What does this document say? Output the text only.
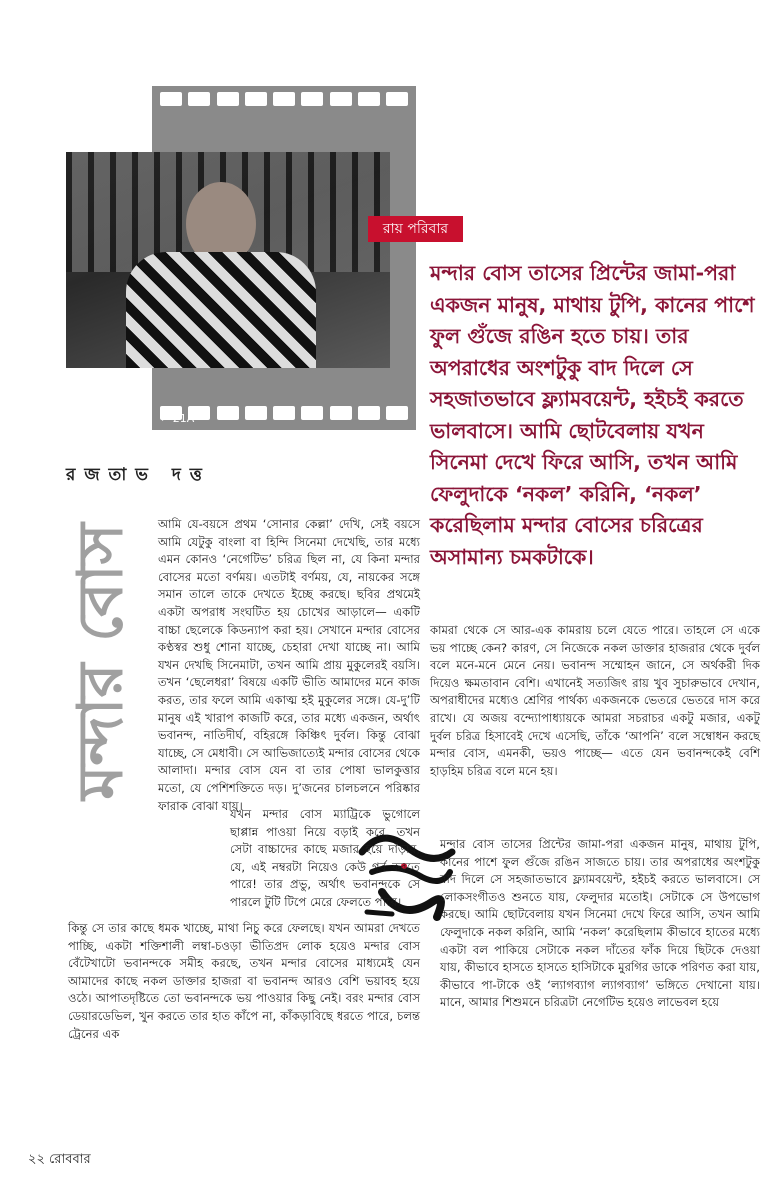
← 21A
রায় পরিবার
মন্দার বোস তাসের প্রিন্টের জামা-পরা একজন মানুষ, মাথায় টুপি, কানের পাশে ফুল গুঁজে রঙিন হতে চায়। তার অপরাধের অংশটুকু বাদ দিলে সে সহজাতভাবে ফ্ল্যামবয়েন্ট, হইচই করতে ভালবাসে। আমি ছোটবেলায় যখন সিনেমা দেখে ফিরে আসি, তখন আমি ফেলুদাকে ‘নকল’ করিনি, ‘নকল’ করেছিলাম মন্দার বোসের চরিত্রের অসামান্য চমকটাকে।
রজতাভ দত্ত
মন্দার বোস	আমি যে-বয়সে প্রথম ‘সোনার কেল্লা’ দেখি, সেই বয়সে আমি যেটুকু বাংলা বা হিন্দি সিনেমা দেখেছি, তার মধ্যে এমন কোনও ‘নেগেটিভ’ চরিত্র ছিল না, যে কিনা মন্দার বোসের মতো বর্ণময়। এতটাই বর্ণময়, যে, নায়কের সঙ্গে সমান তালে তাকে দেখতে ইচ্ছে করছে। ছবির প্রথমেই একটা অপরাধ সংঘটিত হয় চোখের আড়ালে— একটি বাচ্চা ছেলেকে কিডন্যাপ করা হয়। সেখানে মন্দার বোসের কণ্ঠস্বর শুধু শোনা যাচ্ছে, চেহারা দেখা যাচ্ছে না। আমি যখন দেখছি সিনেমাটা, তখন আমি প্রায় মুকুলেরই বয়সি। তখন ‘ছেলেধরা’ বিষয়ে একটি ভীতি আমাদের মনে কাজ করত, তার ফলে আমি একাত্ম হই মুকুলের সঙ্গে। যে-দু’টি মানুষ এই খারাপ কাজটি করে, তার মধ্যে একজন, অর্থাৎ ভবানন্দ, নাতিদীর্ঘ, বহিরঙ্গে কিঞ্চিৎ দুর্বল। কিন্তু বোঝা যাচ্ছে, সে মেধাবী। সে আভিজাত্যেই মন্দার বোসের থেকে আলাদা। মন্দার বোস যেন বা তার পোষা ভালকুত্তার মতো, যে পেশিশক্তিতে দড়। দু’জনের চালচলনে পরিষ্কার ফারাক বোঝা যায়।

কামরা থেকে সে আর-এক কামরায় চলে যেতে পারে। তাহলে সে একে ভয় পাচ্ছে কেন? কারণ, সে নিজেকে নকল ডাক্তার হাজরার থেকে দুর্বল বলে মনে-মনে মেনে নেয়। ভবানন্দ সম্মোহন জানে, সে অর্থকরী দিক দিয়েও ক্ষমতাবান বেশি। এখানেই সত্যজিৎ রায় খুব সুচারুভাবে দেখান, অপরাধীদের মধ্যেও শ্রেণির পার্থক্য একজনকে ভেতরে ভেতরে দাস করে রাখে। যে অজয় বন্দ্যোপাধ্যায়কে আমরা সচরাচর একটু মজার, একটু দুর্বল চরিত্র হিসাবেই দেখে এসেছি, তাঁকে ‘আপনি’ বলে সম্বোধন করছে মন্দার বোস, এমনকী, ভয়ও পাচ্ছে— এতে যেন ভবানন্দকেই বেশি হাড়হিম চরিত্র বলে মনে হয়।

মন্দার বোস তাসের প্রিন্টের জামা-পরা একজন মানুষ, মাথায় টুপি, কানের পাশে ফুল গুঁজে রঙিন সাজতে চায়। তার অপরাধের অংশটুকু বাদ দিলে সে সহজাতভাবে ফ্ল্যামবয়েন্ট, হইচই করতে ভালবাসে। সে লোকসংগীতও শুনতে যায়, ফেলুদার মতোই। সেটাকে সে উপভোগ করছে। আমি ছোটবেলায় যখন সিনেমা দেখে ফিরে আসি, তখন আমি ফেলুদাকে নকল করিনি, আমি ‘নকল’ করেছিলাম কীভাবে হাতের মধ্যে একটা বল পাকিয়ে সেটাকে নকল দাঁতের ফাঁক দিয়ে ছিটকে দেওয়া যায়, কীভাবে হাসতে হাসতে হাসিটাকে মুরগির ডাকে পরিণত করা যায়, কীভাবে পা-টাকে ওই ‘ল্যাগব্যাগ ল্যাগব্যাগ’ ভঙ্গিতে দেখানো যায়। মানে, আমার শিশুমনে চরিত্রটা নেগেটিভ হয়েও লাভেবল হয়ে

কিন্তু সে তার কাছে ধমক খাচ্ছে, মাথা নিচু করে ফেলছে। যখন আমরা দেখতে পাচ্ছি, একটা শক্তিশালী লম্বা-চওড়া ভীতিপ্রদ লোক হয়েও মন্দার বোস বেঁটেখাটো ভবানন্দকে সমীহ করছে, তখন মন্দার বোসের মাধ্যমেই যেন আমাদের কাছে নকল ডাক্তার হাজরা বা ভবানন্দ আরও বেশি ভয়াবহ হয়ে ওঠে। আপাতদৃষ্টিতে তো ভবানন্দকে ভয় পাওয়ার কিছু নেই। বরং মন্দার বোস ডেয়ারডেভিল, খুন করতে তার হাত কাঁপে না, কাঁকড়াবিছে ধরতে পারে, চলন্ত ট্রেনের এক

যখন মন্দার বোস ম্যাট্রিকে ভুগোলে ছাপ্পান্ন পাওয়া নিয়ে বড়াই করে, তখন সেটা বাচ্চাদের কাছে মজার হয়ে দাঁড়ায়, যে, এই নম্বরটা নিয়েও কেউ গর্ব করতে পারে! তার প্রভু, অর্থাৎ ভবানন্দকে সে পারলে টুটি টিপে মেরে ফেলতে পারে।

২২ রোববার
